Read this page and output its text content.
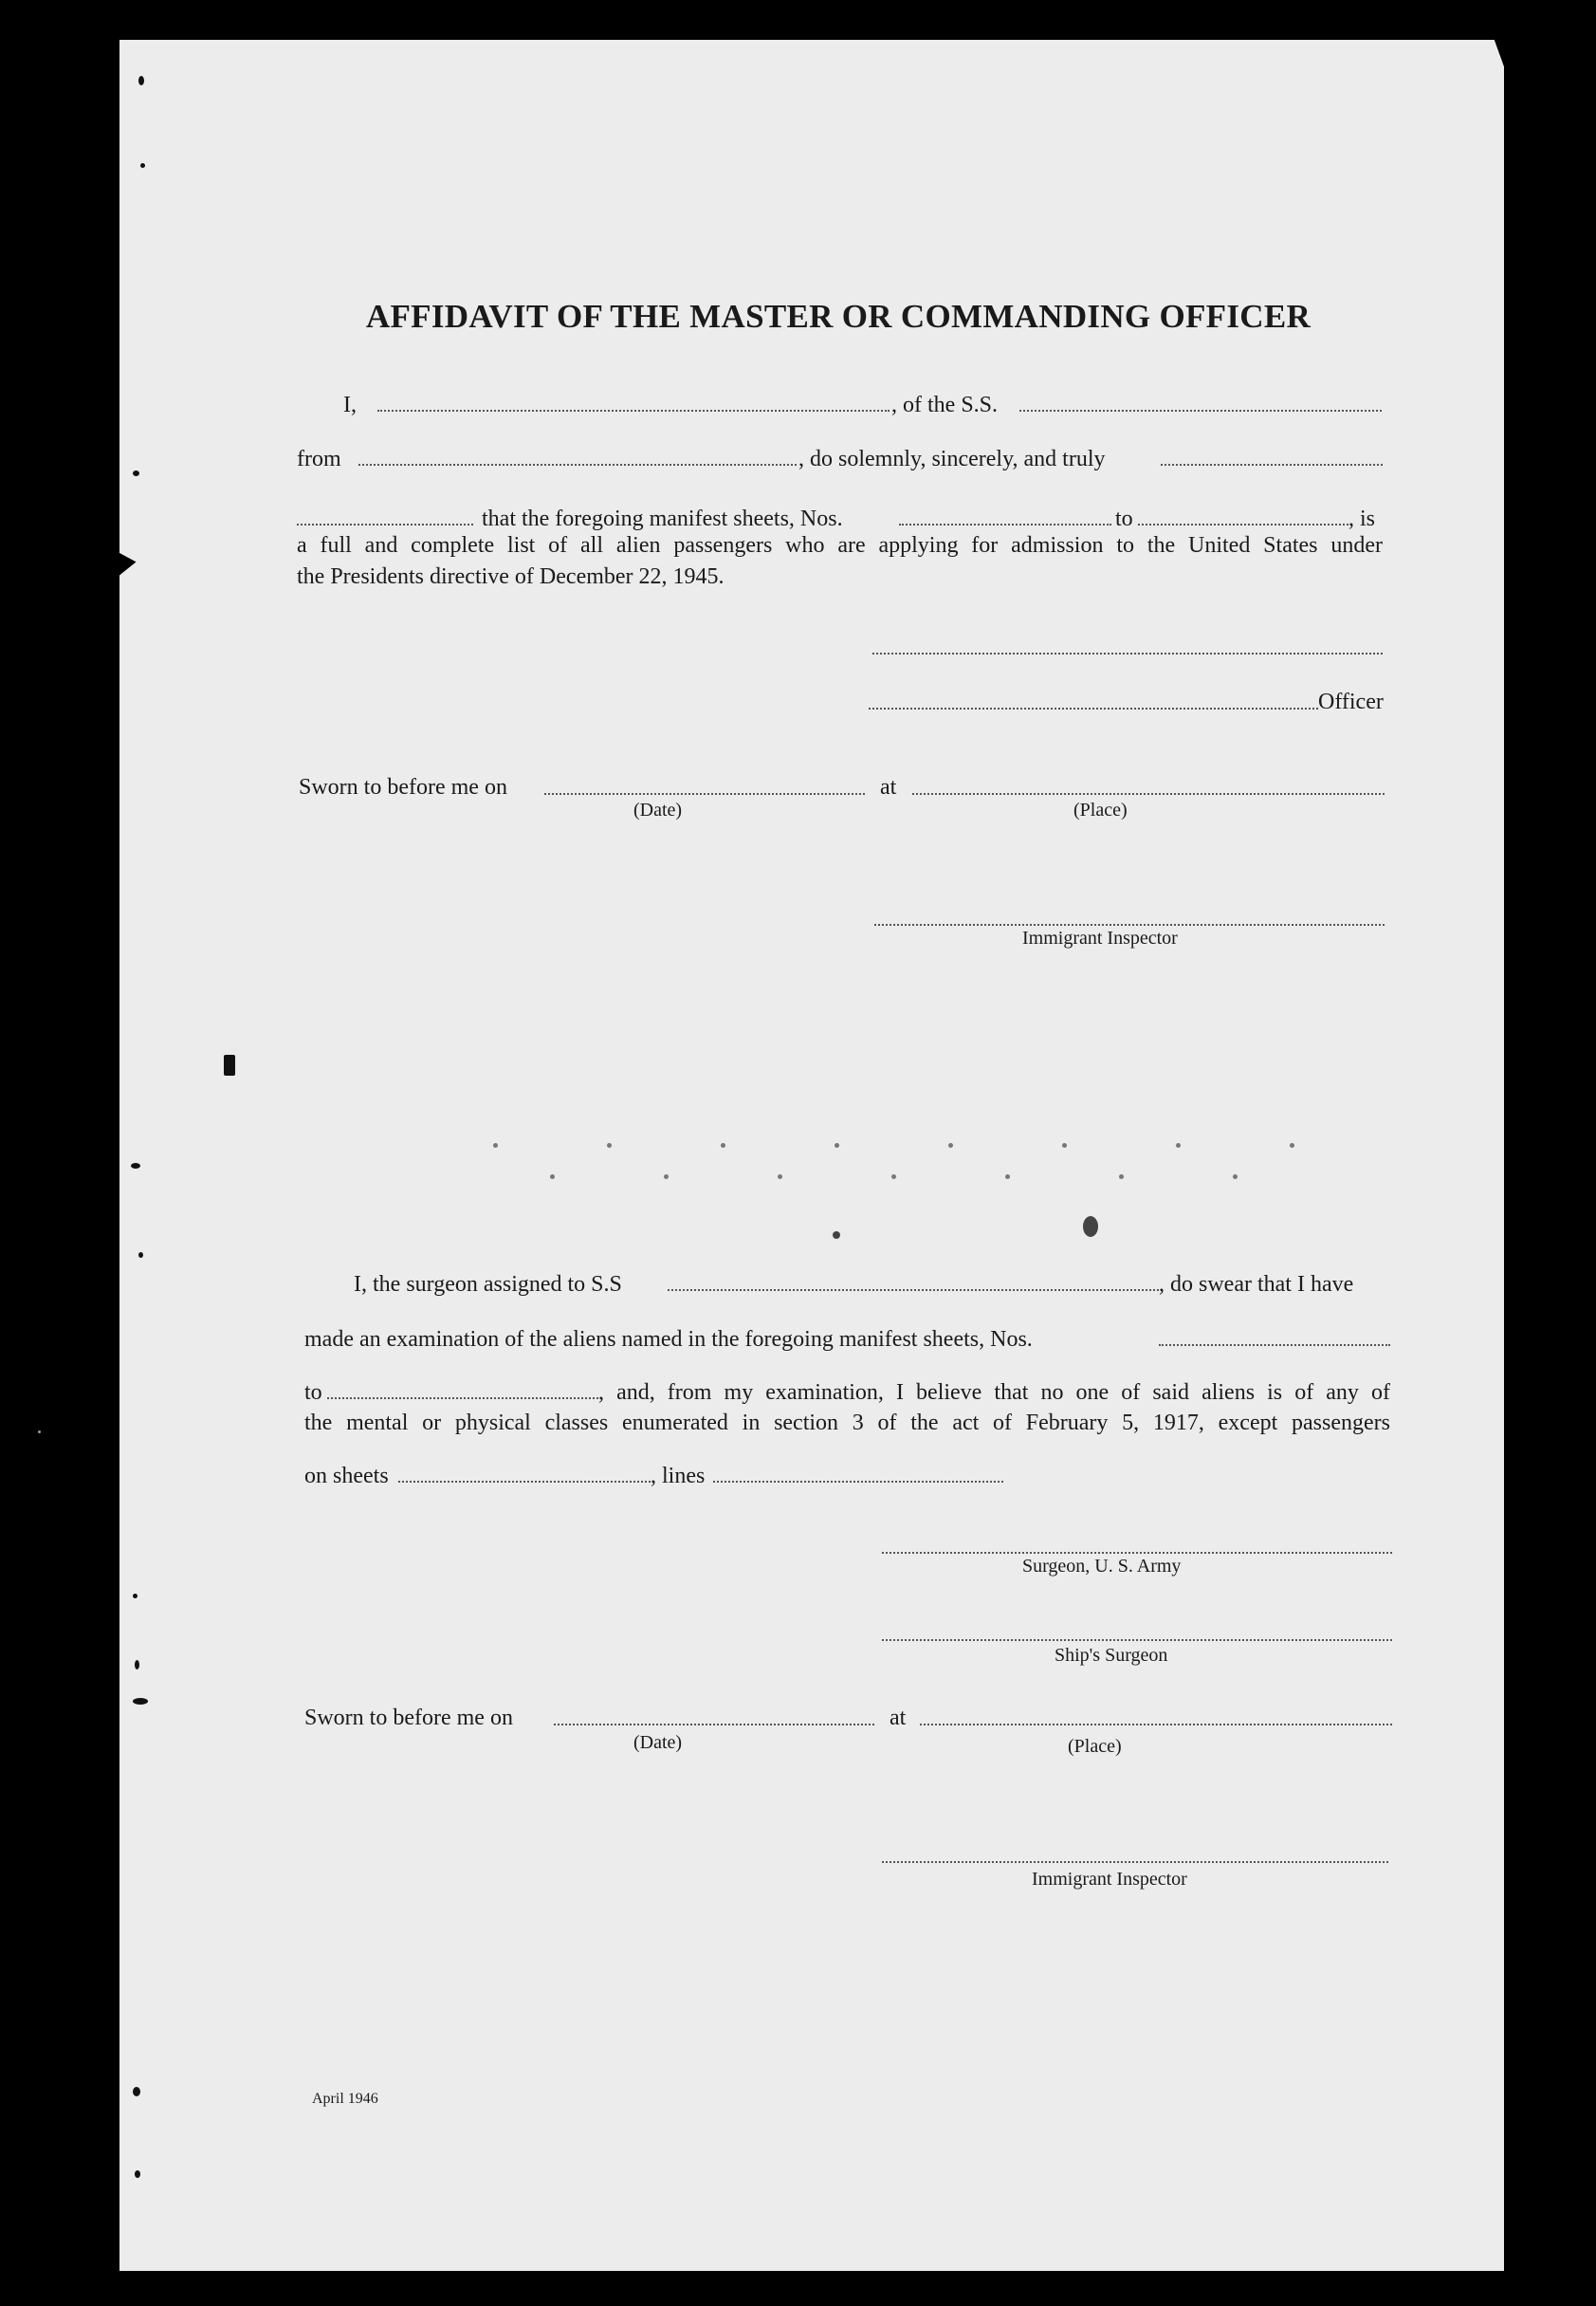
AFFIDAVIT OF THE MASTER OR COMMANDING OFFICER
I,	, of the S.S.
from	, do solemnly, sincerely, and truly
that the foregoing manifest sheets, Nos.	to	, is
a full and complete list of all alien passengers who are applying for admission to the United States under
the Presidents directive of December 22, 1945.
Officer
Sworn to before me on	at
(Date)	(Place)
Immigrant Inspector
I, the surgeon assigned to S.S	, do swear that I have
made an examination of the aliens named in the foregoing manifest sheets, Nos.
to	, and, from my examination, I believe that no one of said aliens is of any of
the mental or physical classes enumerated in section 3 of the act of February 5, 1917, except passengers
on sheets	, lines
Surgeon, U. S. Army
Ship's Surgeon
Sworn to before me on	at
(Date)	(Place)
Immigrant Inspector
April 1946
